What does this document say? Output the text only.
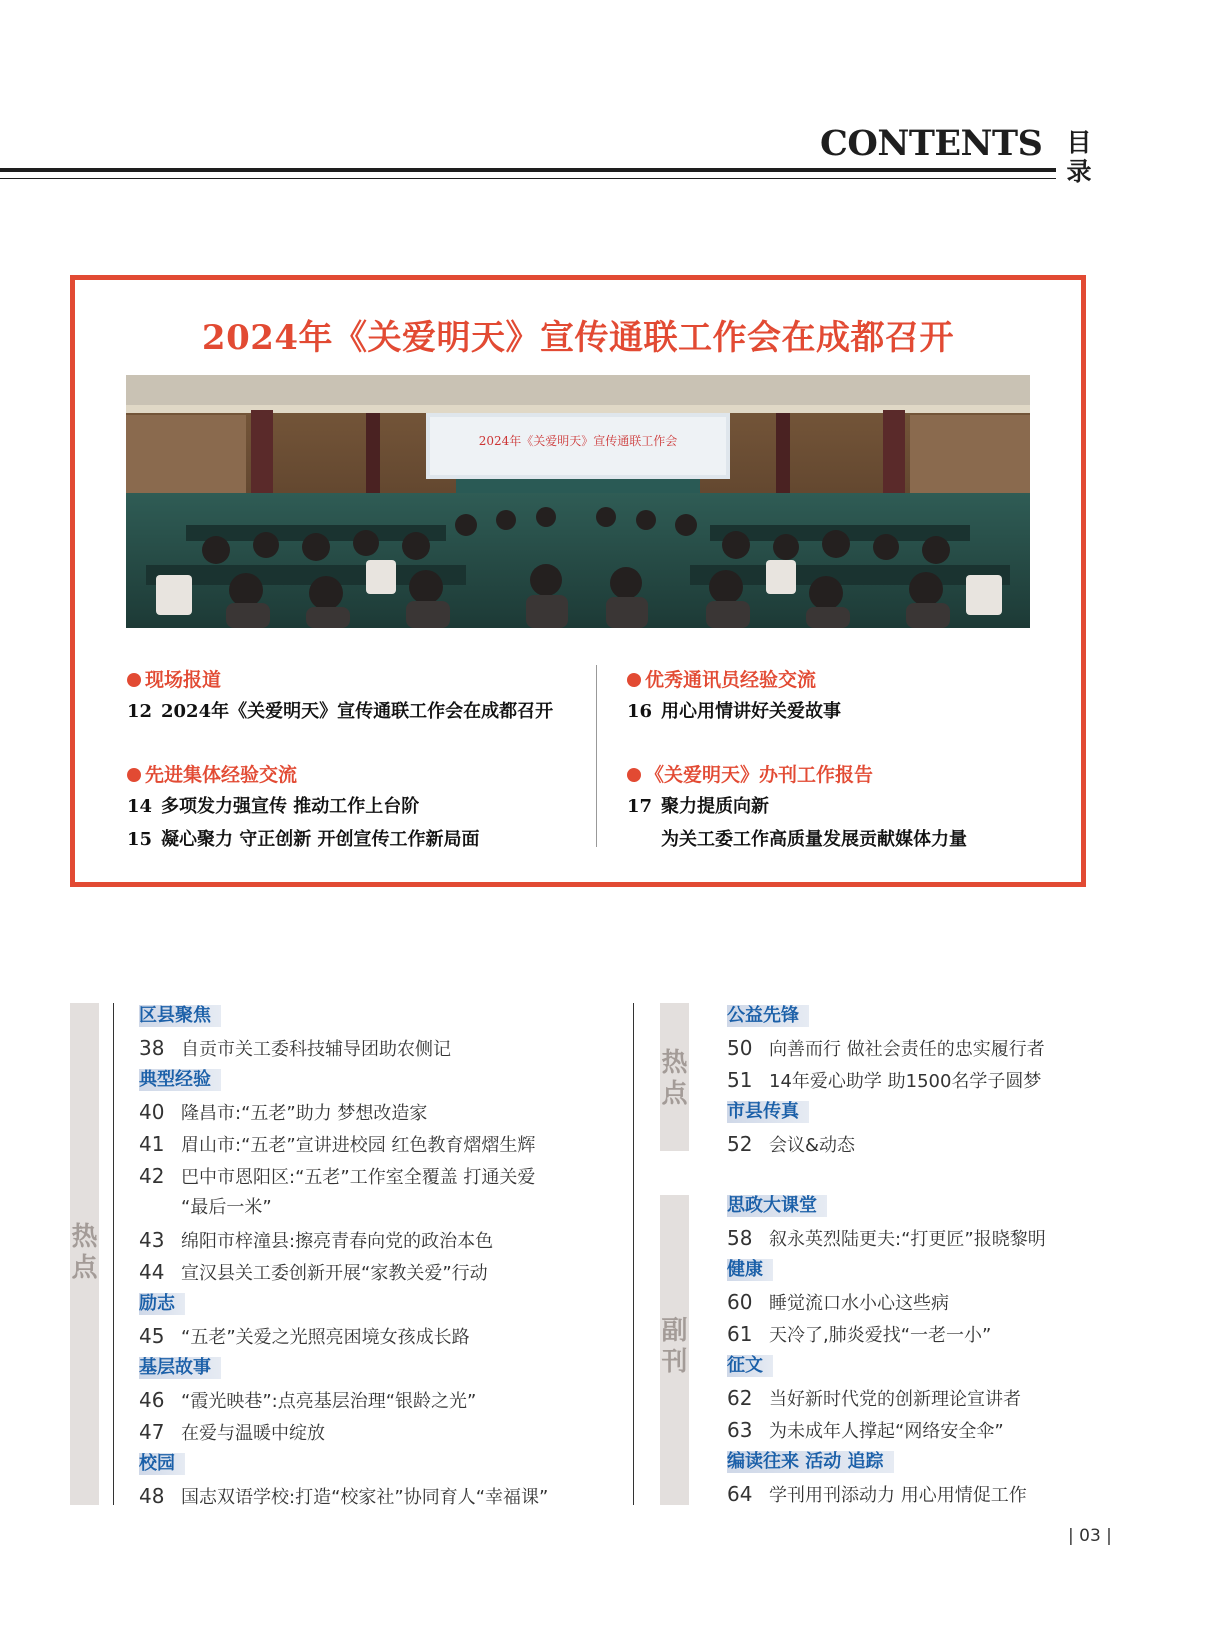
CONTENTS 目
录
2024年《关爱明天》宣传通联工作会在成都召开
2024年《关爱明天》宣传通联工作会
现场报道
12 2024年《关爱明天》宣传通联工作会在成都召开
先进集体经验交流
14 多项发力强宣传 推动工作上台阶
15 凝心聚力 守正创新 开创宣传工作新局面
优秀通讯员经验交流
16 用心用情讲好关爱故事
《关爱明天》办刊工作报告
17 聚力提质向新
为关工委工作高质量发展贡献媒体力量
热点
热点
副刊
区县聚焦
38 自贡市关工委科技辅导团助农侧记
典型经验
40 隆昌市:“五老”助力 梦想改造家
41 眉山市:“五老”宣讲进校园 红色教育熠熠生辉
42 巴中市恩阳区:“五老”工作室全覆盖 打通关爱
“最后一米”
43 绵阳市梓潼县:擦亮青春向党的政治本色
44 宣汉县关工委创新开展“家教关爱”行动
励志
45 “五老”关爱之光照亮困境女孩成长路
基层故事
46 “霞光映巷”:点亮基层治理“银龄之光”
47 在爱与温暖中绽放
校园
48 国志双语学校:打造“校家社”协同育人“幸福课”
公益先锋
50 向善而行 做社会责任的忠实履行者
51 14年爱心助学 助1500名学子圆梦
市县传真
52 会议&动态
思政大课堂
58 叙永英烈陆更夫:“打更匠”报晓黎明
健康
60 睡觉流口水小心这些病
61 天冷了,肺炎爱找“一老一小”
征文
62 当好新时代党的创新理论宣讲者
63 为未成年人撑起“网络安全伞”
编读往来 活动 追踪
64 学刊用刊添动力 用心用情促工作
| 03 |
